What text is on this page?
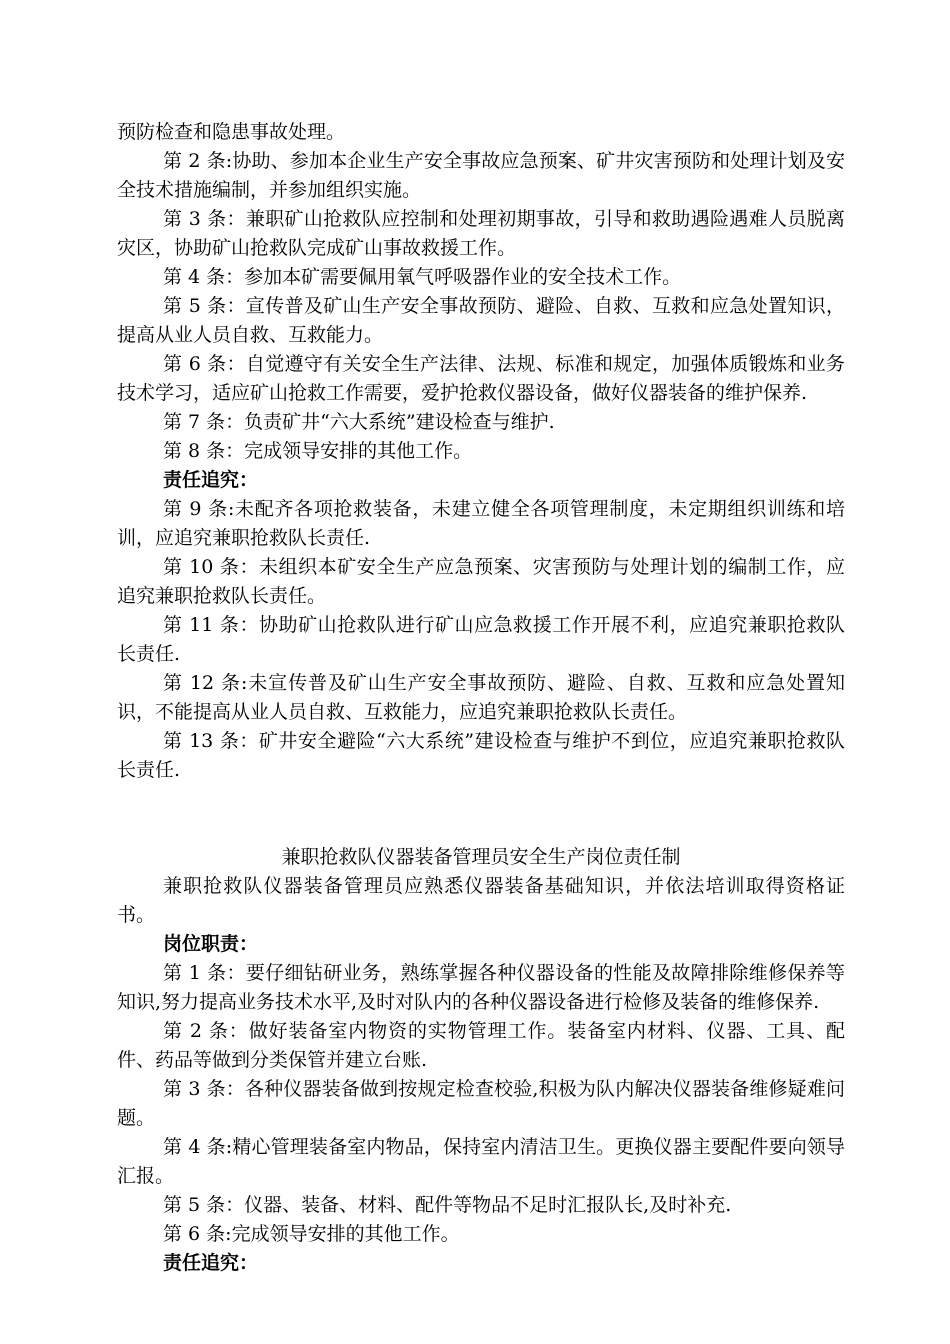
预防检查和隐患事故处理。

第 2 条:协助、参加本企业生产安全事故应急预案、矿井灾害预防和处理计划及安全技术措施编制，并参加组织实施。

第 3 条：兼职矿山抢救队应控制和处理初期事故，引导和救助遇险遇难人员脱离灾区，协助矿山抢救队完成矿山事故救援工作。

第 4 条：参加本矿需要佩用氧气呼吸器作业的安全技术工作。

第 5 条：宣传普及矿山生产安全事故预防、避险、自救、互救和应急处置知识，提高从业人员自救、互救能力。

第 6 条：自觉遵守有关安全生产法律、法规、标准和规定，加强体质锻炼和业务技术学习，适应矿山抢救工作需要，爱护抢救仪器设备，做好仪器装备的维护保养.

第 7 条：负责矿井“六大系统”建设检查与维护.

第 8 条：完成领导安排的其他工作。

责任追究：

第 9 条:未配齐各项抢救装备，未建立健全各项管理制度，未定期组织训练和培训，应追究兼职抢救队长责任.

第 10 条：未组织本矿安全生产应急预案、灾害预防与处理计划的编制工作，应追究兼职抢救队长责任。

第 11 条：协助矿山抢救队进行矿山应急救援工作开展不利，应追究兼职抢救队长责任.

第 12 条:未宣传普及矿山生产安全事故预防、避险、自救、互救和应急处置知识，不能提高从业人员自救、互救能力，应追究兼职抢救队长责任。

第 13 条：矿井安全避险“六大系统”建设检查与维护不到位，应追究兼职抢救队长责任.

兼职抢救队仪器装备管理员安全生产岗位责任制

兼职抢救队仪器装备管理员应熟悉仪器装备基础知识，并依法培训取得资格证书。

岗位职责：

第 1 条：要仔细钻研业务，熟练掌握各种仪器设备的性能及故障排除维修保养等知识,努力提高业务技术水平,及时对队内的各种仪器设备进行检修及装备的维修保养.

第 2 条：做好装备室内物资的实物管理工作。装备室内材料、仪器、工具、配件、药品等做到分类保管并建立台账.

第 3 条：各种仪器装备做到按规定检查校验,积极为队内解决仪器装备维修疑难问题。

第 4 条:精心管理装备室内物品，保持室内清洁卫生。更换仪器主要配件要向领导汇报。

第 5 条：仪器、装备、材料、配件等物品不足时汇报队长,及时补充.

第 6 条:完成领导安排的其他工作。

责任追究：
